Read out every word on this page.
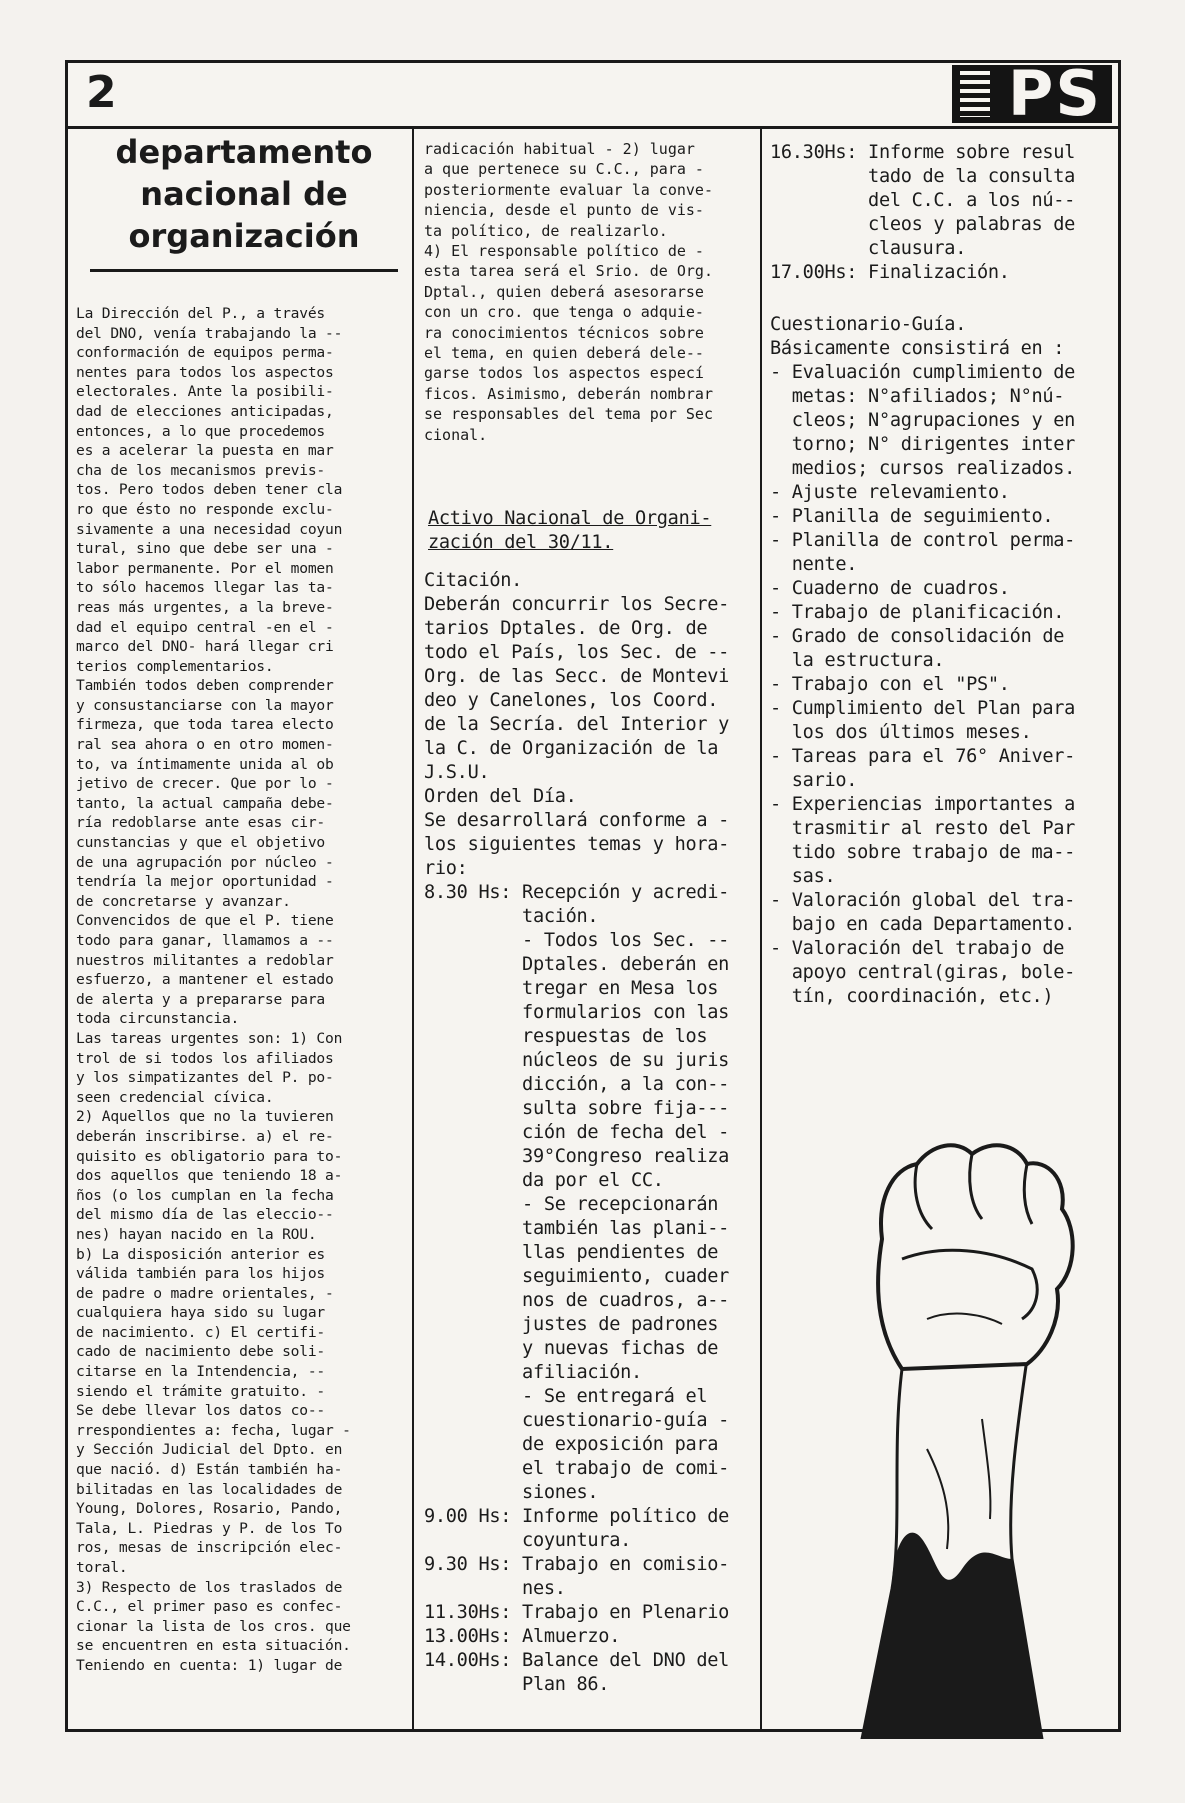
2	PS
departamento
nacional de
organización
La Dirección del P., a través
del DNO, venía trabajando la --
conformación de equipos perma-
nentes para todos los aspectos
electorales. Ante la posibili-
dad de elecciones anticipadas,
entonces, a lo que procedemos
es a acelerar la puesta en mar
cha de los mecanismos previs-
tos. Pero todos deben tener cla
ro que ésto no responde exclu-
sivamente a una necesidad coyun
tural, sino que debe ser una -
labor permanente. Por el momen
to sólo hacemos llegar las ta-
reas más urgentes, a la breve-
dad el equipo central -en el -
marco del DNO- hará llegar cri
terios complementarios.
También todos deben comprender
y consustanciarse con la mayor
firmeza, que toda tarea electo
ral sea ahora o en otro momen-
to, va íntimamente unida al ob
jetivo de crecer. Que por lo -
tanto, la actual campaña debe-
ría redoblarse ante esas cir-
cunstancias y que el objetivo
de una agrupación por núcleo -
tendría la mejor oportunidad -
de concretarse y avanzar.
Convencidos de que el P. tiene
todo para ganar, llamamos a --
nuestros militantes a redoblar
esfuerzo, a mantener el estado
de alerta y a prepararse para
toda circunstancia.
Las tareas urgentes son: 1) Con
trol de si todos los afiliados
y los simpatizantes del P. po-
seen credencial cívica.
2) Aquellos que no la tuvieren
deberán inscribirse. a) el re-
quisito es obligatorio para to-
dos aquellos que teniendo 18 a-
ños (o los cumplan en la fecha
del mismo día de las eleccio--
nes) hayan nacido en la ROU.
b) La disposición anterior es
válida también para los hijos
de padre o madre orientales, -
cualquiera haya sido su lugar
de nacimiento. c) El certifi-
cado de nacimiento debe soli-
citarse en la Intendencia, --
siendo el trámite gratuito. -
Se debe llevar los datos co--
rrespondientes a: fecha, lugar -
y Sección Judicial del Dpto. en
que nació. d) Están también ha-
bilitadas en las localidades de
Young, Dolores, Rosario, Pando,
Tala, L. Piedras y P. de los To
ros, mesas de inscripción elec-
toral.
3) Respecto de los traslados de
C.C., el primer paso es confec-
cionar la lista de los cros. que
se encuentren en esta situación.
Teniendo en cuenta: 1) lugar de
radicación habitual - 2) lugar
a que pertenece su C.C., para -
posteriormente evaluar la conve-
niencia, desde el punto de vis-
ta político, de realizarlo.
4) El responsable político de -
esta tarea será el Srio. de Org.
Dptal., quien deberá asesorarse
con un cro. que tenga o adquie-
ra conocimientos técnicos sobre
el tema, en quien deberá dele--
garse todos los aspectos especí
ficos. Asimismo, deberán nombrar
se responsables del tema por Sec
cional.
Activo Nacional de Organi-
zación del 30/11.
Citación.
Deberán concurrir los Secre-
tarios Dptales. de Org. de
todo el País, los Sec. de --
Org. de las Secc. de Montevi
deo y Canelones, los Coord.
de la Secría. del Interior y
la C. de Organización de la
J.S.U.
Orden del Día.
Se desarrollará conforme a -
los siguientes temas y hora-
rio:
8.30 Hs: Recepción y acredi-
tación.
- Todos los Sec. --
Dptales. deberán en
tregar en Mesa los
formularios con las
respuestas de los
núcleos de su juris
dicción, a la con--
sulta sobre fija---
ción de fecha del -
39°Congreso realiza
da por el CC.
- Se recepcionarán
también las plani--
llas pendientes de
seguimiento, cuader
nos de cuadros, a--
justes de padrones
y nuevas fichas de
afiliación.
- Se entregará el
cuestionario-guía -
de exposición para
el trabajo de comi-
siones.
9.00 Hs: Informe político de
coyuntura.
9.30 Hs: Trabajo en comisio-
nes.
11.30Hs: Trabajo en Plenario
13.00Hs: Almuerzo.
14.00Hs: Balance del DNO del
Plan 86.
16.30Hs: Informe sobre resul
tado de la consulta
del C.C. a los nú--
cleos y palabras de
clausura.
17.00Hs: Finalización.
Cuestionario-Guía.
Básicamente consistirá en :
- Evaluación cumplimiento de
metas: N°afiliados; N°nú-
cleos; N°agrupaciones y en
torno; N° dirigentes inter
medios; cursos realizados.
- Ajuste relevamiento.
- Planilla de seguimiento.
- Planilla de control perma-
nente.
- Cuaderno de cuadros.
- Trabajo de planificación.
- Grado de consolidación de
la estructura.
- Trabajo con el "PS".
- Cumplimiento del Plan para
los dos últimos meses.
- Tareas para el 76° Aniver-
sario.
- Experiencias importantes a
trasmitir al resto del Par
tido sobre trabajo de ma--
sas.
- Valoración global del tra-
bajo en cada Departamento.
- Valoración del trabajo de
apoyo central(giras, bole-
tín, coordinación, etc.)
